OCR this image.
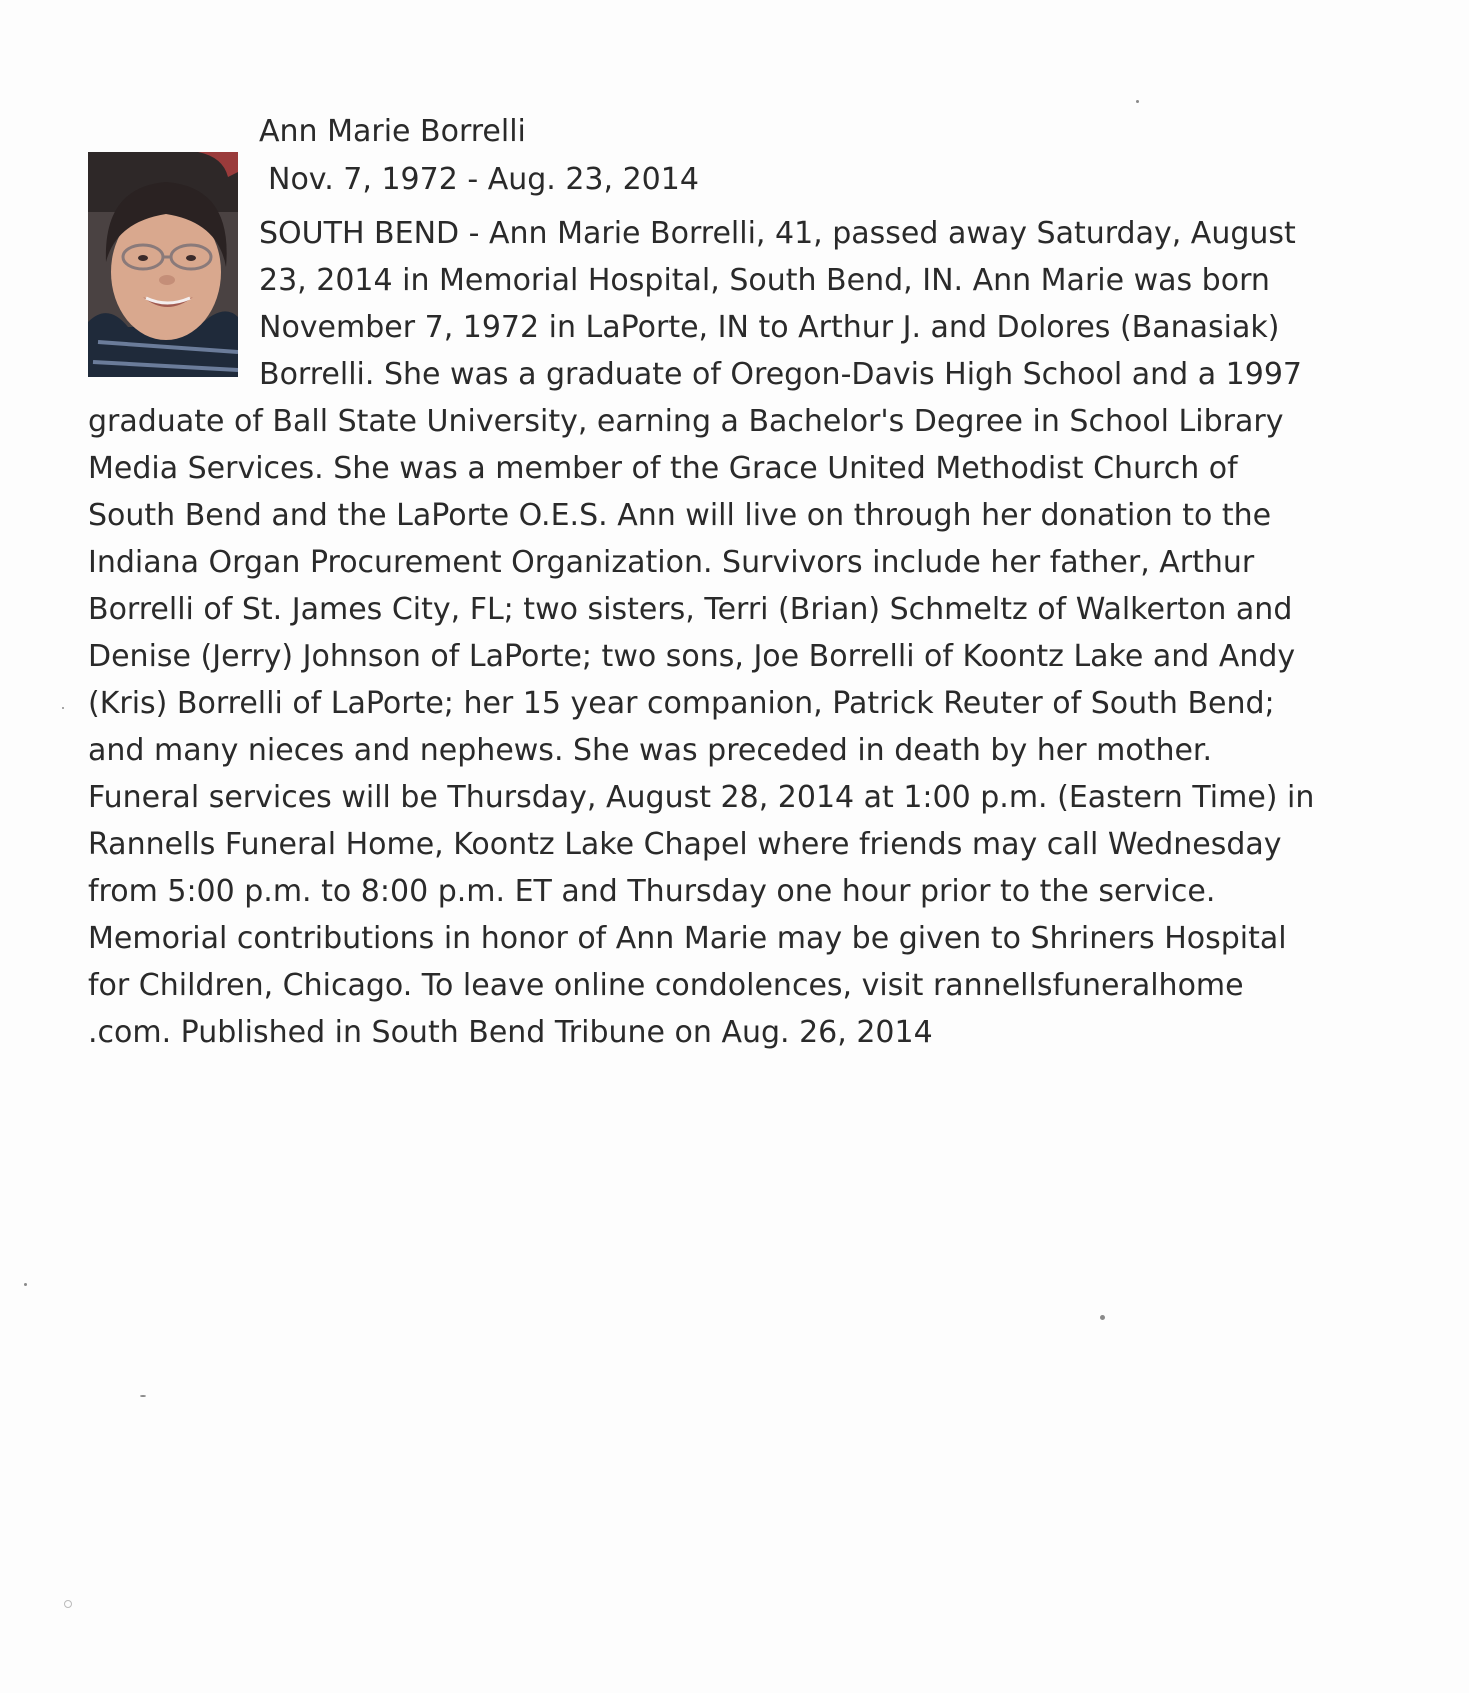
Ann Marie Borrelli
Nov. 7, 1972 - Aug. 23, 2014
SOUTH BEND - Ann Marie Borrelli, 41, passed away Saturday, August
23, 2014 in Memorial Hospital, South Bend, IN. Ann Marie was born
November 7, 1972 in LaPorte, IN to Arthur J. and Dolores (Banasiak)
Borrelli. She was a graduate of Oregon-Davis High School and a 1997
graduate of Ball State University, earning a Bachelor's Degree in School Library
Media Services. She was a member of the Grace United Methodist Church of
South Bend and the LaPorte O.E.S. Ann will live on through her donation to the
Indiana Organ Procurement Organization. Survivors include her father, Arthur
Borrelli of St. James City, FL; two sisters, Terri (Brian) Schmeltz of Walkerton and
Denise (Jerry) Johnson of LaPorte; two sons, Joe Borrelli of Koontz Lake and Andy
(Kris) Borrelli of LaPorte; her 15 year companion, Patrick Reuter of South Bend;
and many nieces and nephews. She was preceded in death by her mother.
Funeral services will be Thursday, August 28, 2014 at 1:00 p.m. (Eastern Time) in
Rannells Funeral Home, Koontz Lake Chapel where friends may call Wednesday
from 5:00 p.m. to 8:00 p.m. ET and Thursday one hour prior to the service.
Memorial contributions in honor of Ann Marie may be given to Shriners Hospital
for Children, Chicago. To leave online condolences, visit rannellsfuneralhome
.com. Published in South Bend Tribune on Aug. 26, 2014
